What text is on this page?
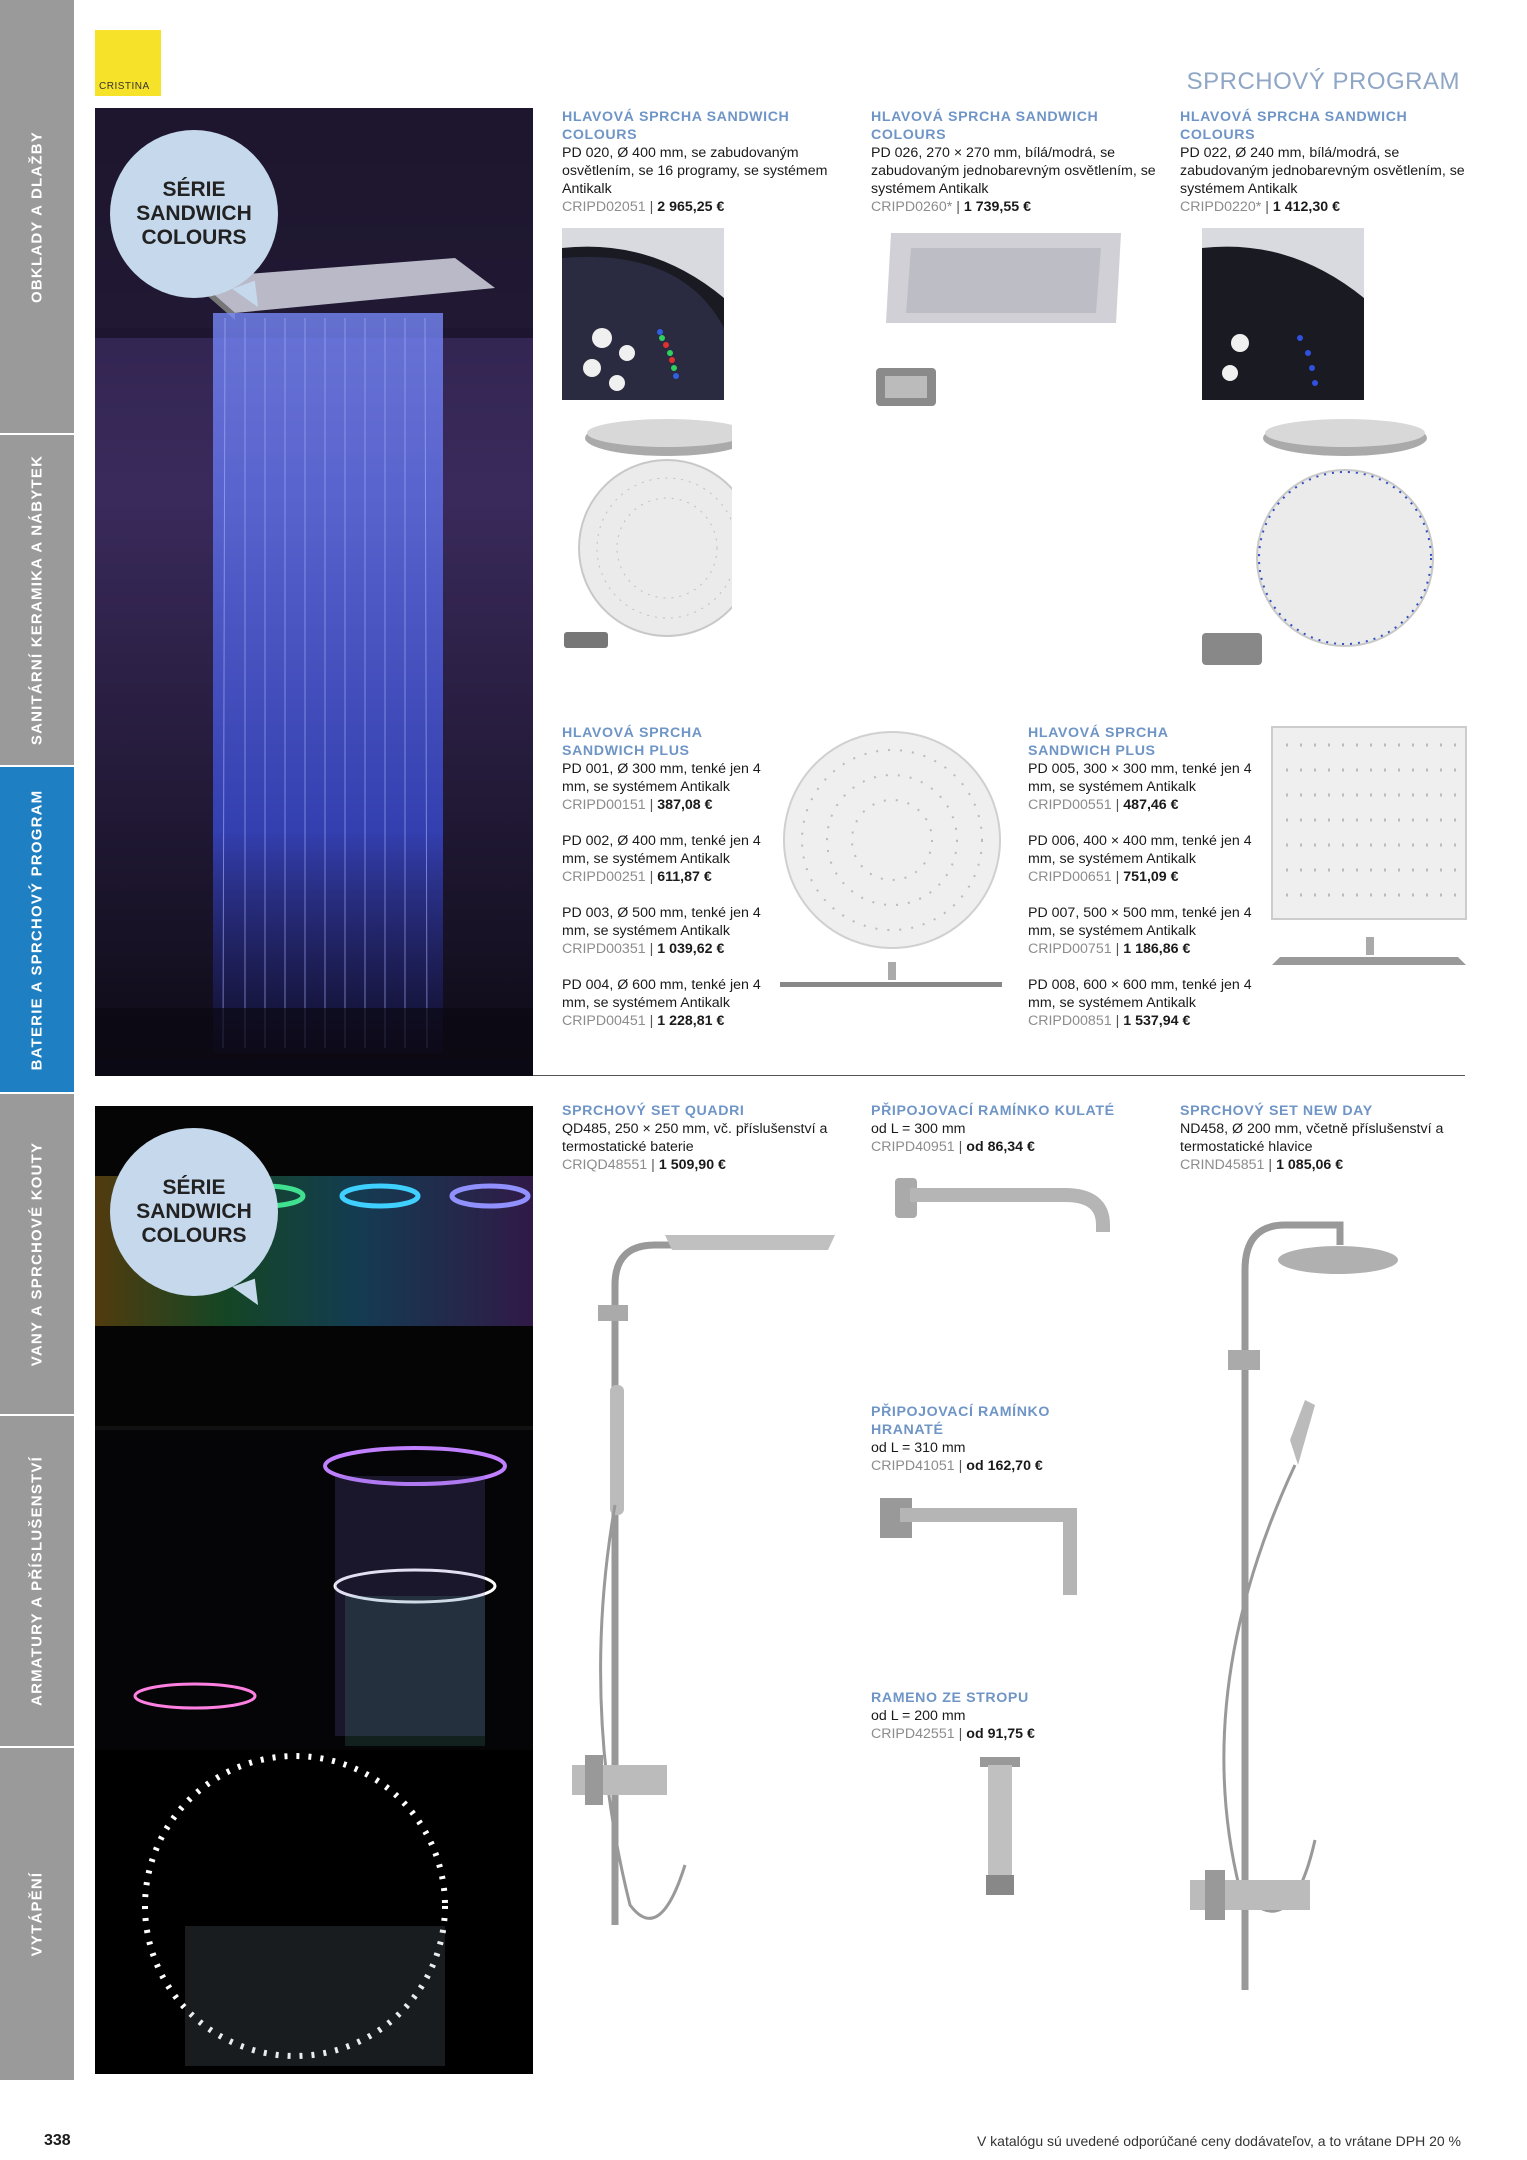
OBKLADY A DLAŽBY
SANITÁRNÍ KERAMIKA A NÁBYTEK
BATERIE A SPRCHOVÝ PROGRAM
VANY A SPRCHOVÉ KOUTY
ARMATURY A PŘÍSLUŠENSTVÍ
VYTÁPĚNÍ
CRISTINA	SPRCHOVÝ PROGRAM
SÉRIE SANDWICH COLOURS
SÉRIE SANDWICH COLOURS
HLAVOVÁ SPRCHA SANDWICH COLOURS
PD 020, Ø 400 mm, se zabudovaným osvětlením, se 16 programy, se systémem Antikalk
CRIPD02051 | 2 965,25 €
HLAVOVÁ SPRCHA SANDWICH COLOURS
PD 026, 270 × 270 mm, bílá/modrá, se zabudovaným jednobarevným osvětlením, se systémem Antikalk
CRIPD0260* | 1 739,55 €
HLAVOVÁ SPRCHA SANDWICH COLOURS
PD 022, Ø 240 mm, bílá/modrá, se zabudovaným jednobarevným osvětlením, se systémem Antikalk
CRIPD0220* | 1 412,30 €
HLAVOVÁ SPRCHA SANDWICH PLUS
PD 001, Ø 300 mm, tenké jen 4 mm, se systémem Antikalk
CRIPD00151 | 387,08 €
PD 002, Ø 400 mm, tenké jen 4 mm, se systémem Antikalk
CRIPD00251 | 611,87 €
PD 003, Ø 500 mm, tenké jen 4 mm, se systémem Antikalk
CRIPD00351 | 1 039,62 €
PD 004, Ø 600 mm, tenké jen 4 mm, se systémem Antikalk
CRIPD00451 | 1 228,81 €
HLAVOVÁ SPRCHA SANDWICH PLUS
PD 005, 300 × 300 mm, tenké jen 4 mm, se systémem Antikalk
CRIPD00551 | 487,46 €
PD 006, 400 × 400 mm, tenké jen 4 mm, se systémem Antikalk
CRIPD00651 | 751,09 €
PD 007, 500 × 500 mm, tenké jen 4 mm, se systémem Antikalk
CRIPD00751 | 1 186,86 €
PD 008, 600 × 600 mm, tenké jen 4 mm, se systémem Antikalk
CRIPD00851 | 1 537,94 €
SPRCHOVÝ SET QUADRI
QD485, 250 × 250 mm, vč. příslušenství a termostatické baterie
CRIQD48551 | 1 509,90 €
PŘIPOJOVACÍ RAMÍNKO KULATÉ
od L = 300 mm
CRIPD40951 | od 86,34 €
SPRCHOVÝ SET NEW DAY
ND458, Ø 200 mm, včetně příslušenství a termostatické hlavice
CRIND45851 | 1 085,06 €
PŘIPOJOVACÍ RAMÍNKO HRANATÉ
od L = 310 mm
CRIPD41051 | od 162,70 €
RAMENO ZE STROPU
od L = 200 mm
CRIPD42551 | od 91,75 €
338	V katalógu sú uvedené odporúčané ceny dodávateľov, a to vrátane DPH 20 %
